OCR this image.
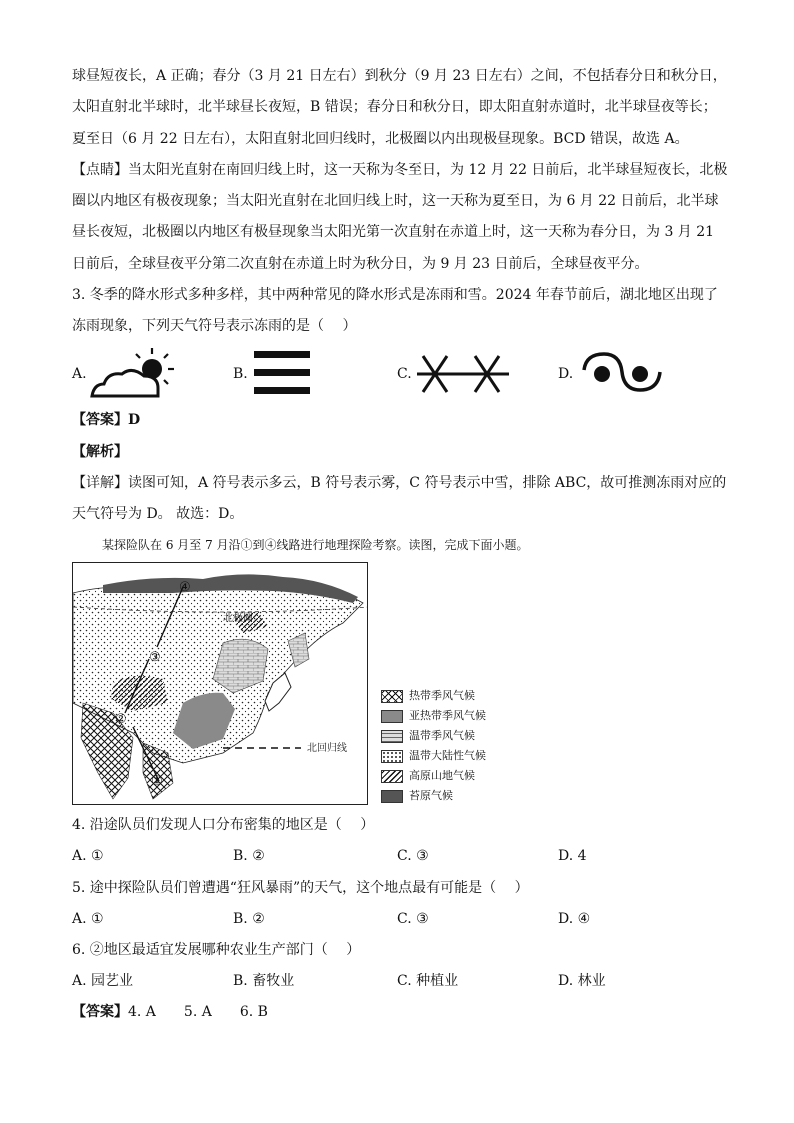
球昼短夜长，A 正确；春分（3 月 21 日左右）到秋分（9 月 23 日左右）之间，不包括春分日和秋分日，
太阳直射北半球时，北半球昼长夜短，B 错误；春分日和秋分日，即太阳直射赤道时，北半球昼夜等长；
夏至日（6 月 22 日左右），太阳直射北回归线时，北极圈以内出现极昼现象。BCD 错误，故选 A。
【点睛】当太阳光直射在南回归线上时，这一天称为冬至日，为 12 月 22 日前后，北半球昼短夜长，北极
圈以内地区有极夜现象；当太阳光直射在北回归线上时，这一天称为夏至日，为 6 月 22 日前后，北半球
昼长夜短，北极圈以内地区有极昼现象当太阳光第一次直射在赤道上时，这一天称为春分日，为 3 月 21
日前后，全球昼夜平分第二次直射在赤道上时为秋分日，为 9 月 23 日前后，全球昼夜平分。
3. 冬季的降水形式多种多样，其中两种常见的降水形式是冻雨和雪。2024 年春节前后，湖北地区出现了
冻雨现象，下列天气符号表示冻雨的是（　 ）
A.	B.	C.	D.
【答案】D
【解析】
【详解】读图可知，A 符号表示多云，B 符号表示雾，C 符号表示中雪，排除 ABC，故可推测冻雨对应的
天气符号为 D。 故选：D。
某探险队在 6 月至 7 月沿①到④线路进行地理探险考察。读图，完成下面小题。
北极圈
北回归线
①
②
③
④
热带季风气候
亚热带季风气候
温带季风气候
温带大陆性气候
高原山地气候
苔原气候
4. 沿途队员们发现人口分布密集的地区是（　 ）
A. ①	B. ②	C. ③	D. 4
5. 途中探险队员们曾遭遇“狂风暴雨”的天气，这个地点最有可能是（　 ）
A. ①	B. ②	C. ③	D. ④
6. ②地区最适宜发展哪种农业生产部门（　 ）
A. 园艺业	B. 畜牧业	C. 种植业	D. 林业
【答案】4. A　　5. A　　6. B
